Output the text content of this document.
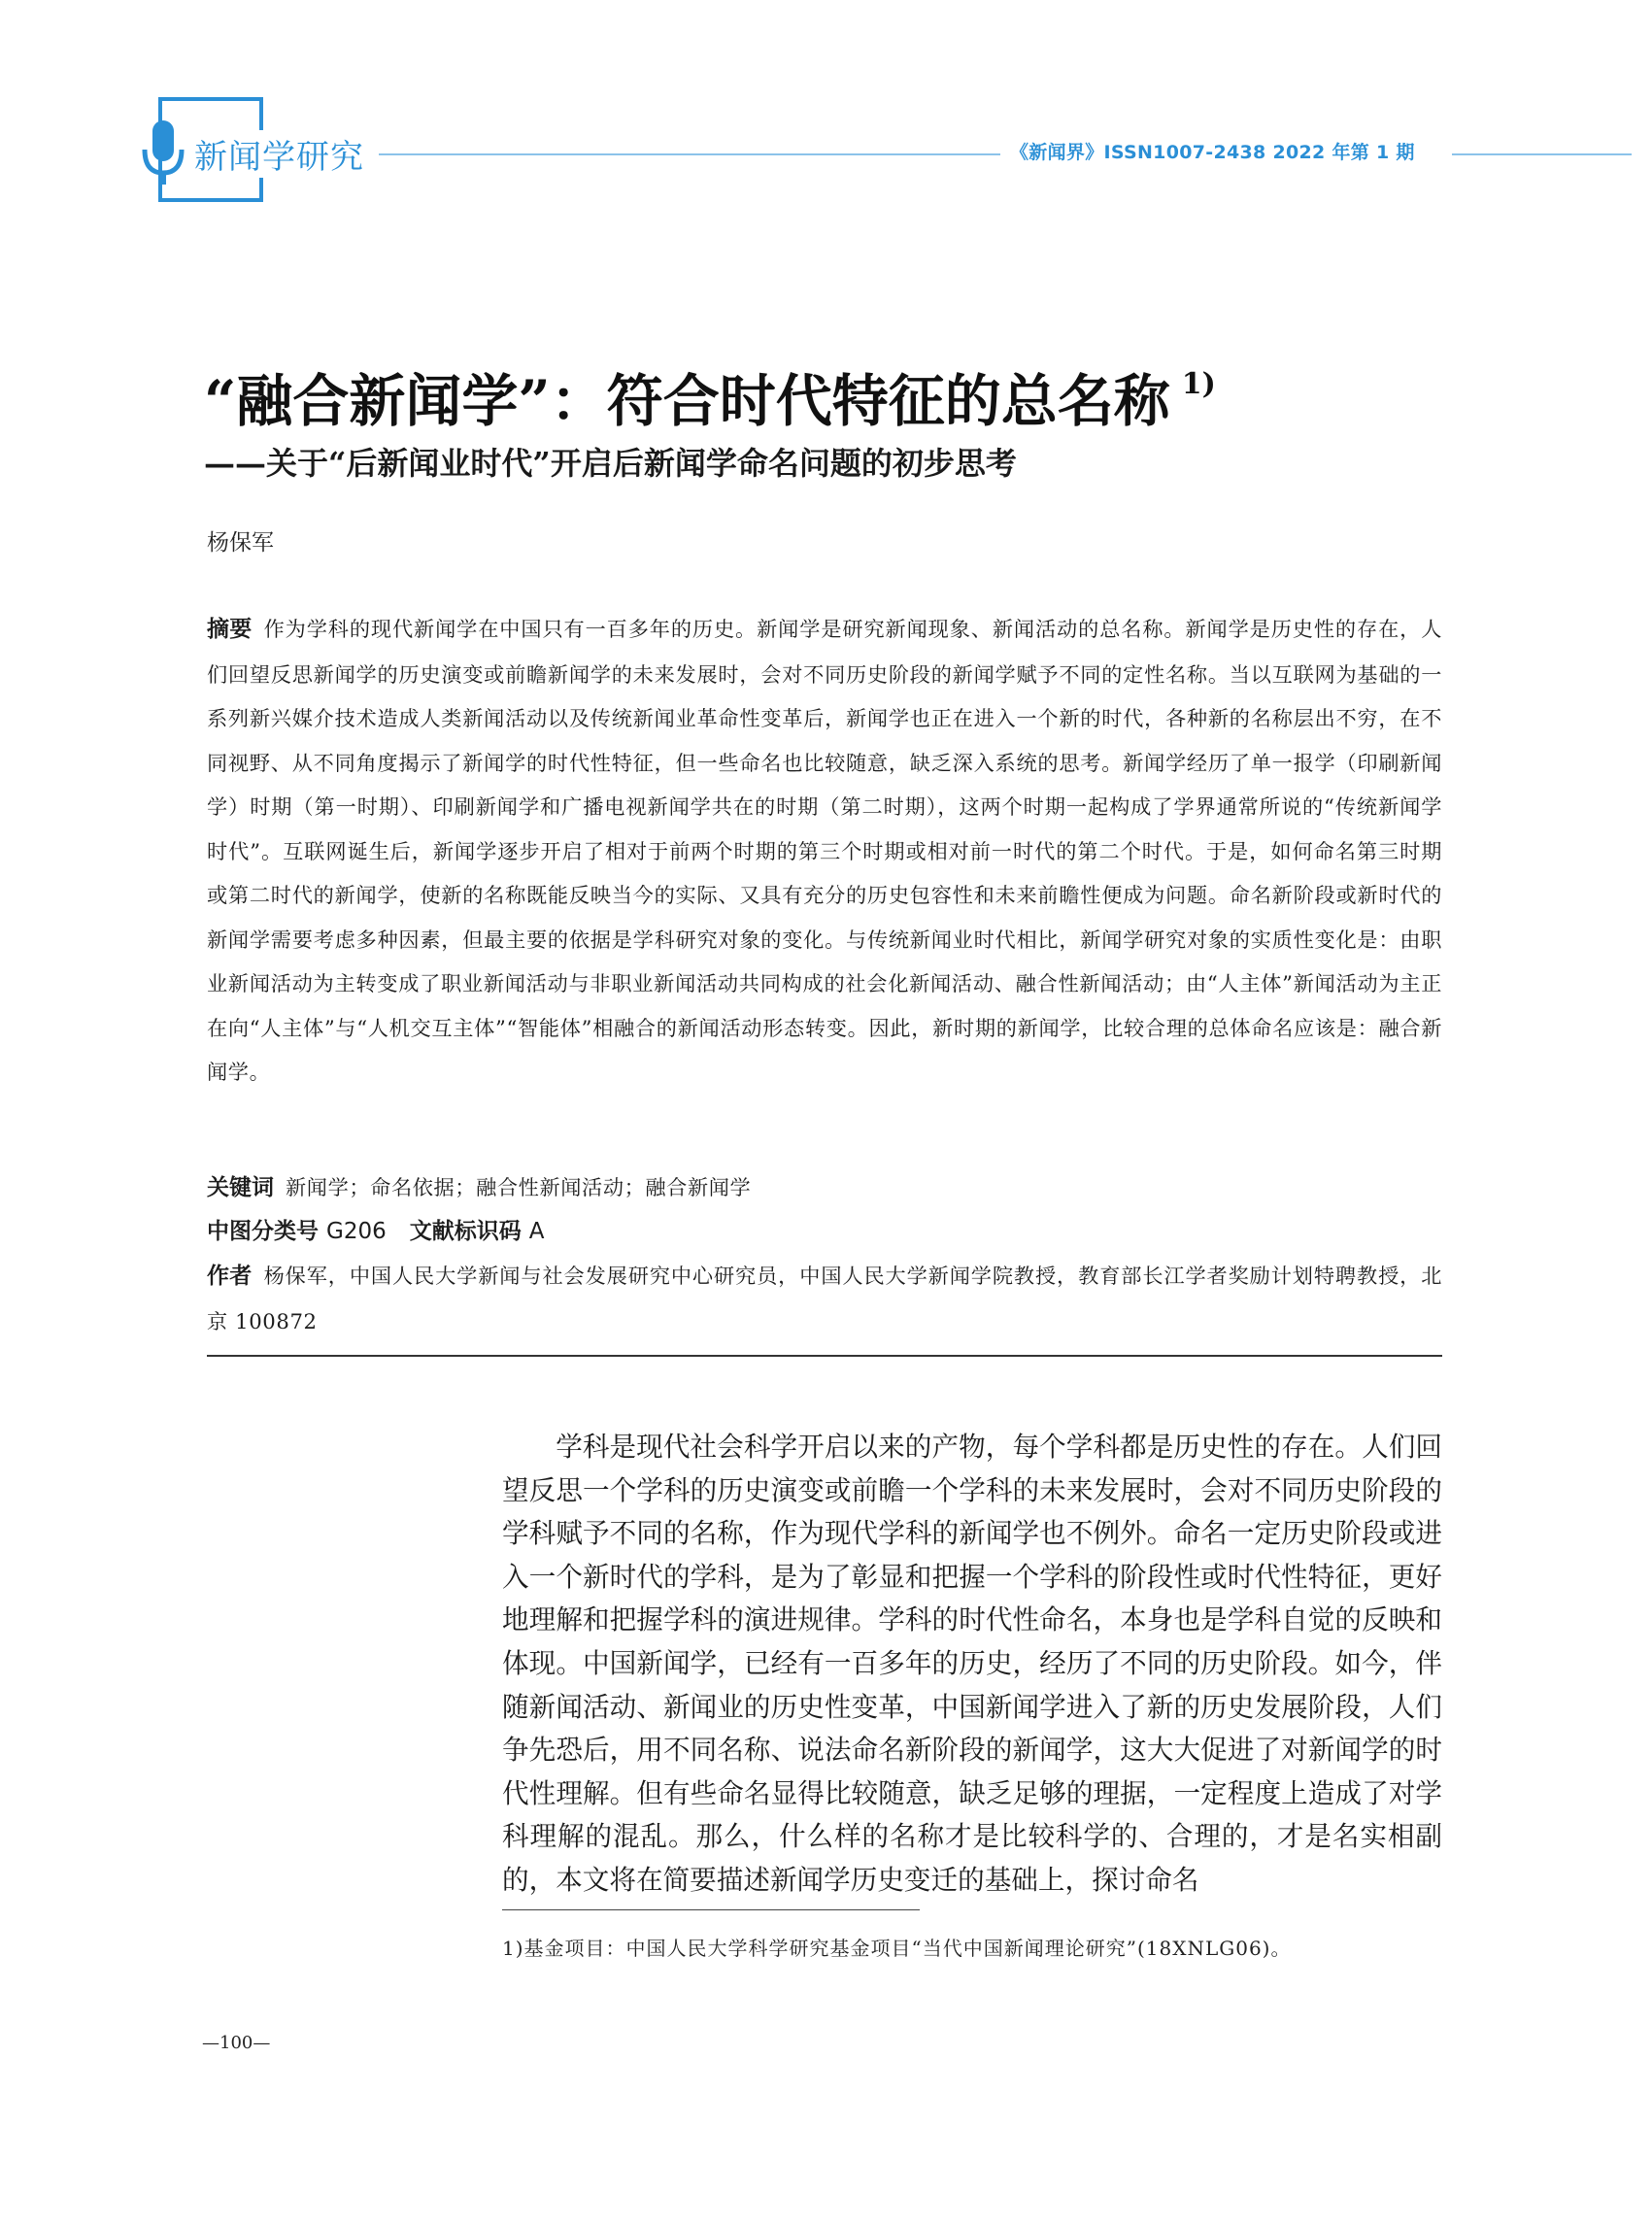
新闻学研究	《新闻界》ISSN1007-2438 2022 年第 1 期
“融合新闻学”：符合时代特征的总名称 $^{1)}$
——关于“后新闻业时代”开启后新闻学命名问题的初步思考
杨保军
摘要 作为学科的现代新闻学在中国只有一百多年的历史。新闻学是研究新闻现象、新闻活动的总名称。新闻学是历史性的存在，人们回望反思新闻学的历史演变或前瞻新闻学的未来发展时，会对不同历史阶段的新闻学赋予不同的定性名称。当以互联网为基础的一系列新兴媒介技术造成人类新闻活动以及传统新闻业革命性变革后，新闻学也正在进入一个新的时代，各种新的名称层出不穷，在不同视野、从不同角度揭示了新闻学的时代性特征，但一些命名也比较随意，缺乏深入系统的思考。新闻学经历了单一报学（印刷新闻学）时期（第一时期）、印刷新闻学和广播电视新闻学共在的时期（第二时期），这两个时期一起构成了学界通常所说的“传统新闻学时代”。互联网诞生后，新闻学逐步开启了相对于前两个时期的第三个时期或相对前一时代的第二个时代。于是，如何命名第三时期或第二时代的新闻学，使新的名称既能反映当今的实际、又具有充分的历史包容性和未来前瞻性便成为问题。命名新阶段或新时代的新闻学需要考虑多种因素，但最主要的依据是学科研究对象的变化。与传统新闻业时代相比，新闻学研究对象的实质性变化是：由职业新闻活动为主转变成了职业新闻活动与非职业新闻活动共同构成的社会化新闻活动、融合性新闻活动；由“人主体”新闻活动为主正在向“人主体”与“人机交互主体”“智能体”相融合的新闻活动形态转变。因此，新时期的新闻学，比较合理的总体命名应该是：融合新闻学。
关键词 新闻学；命名依据；融合性新闻活动；融合新闻学
中图分类号 G206 文献标识码 A
作者 杨保军，中国人民大学新闻与社会发展研究中心研究员，中国人民大学新闻学院教授，教育部长江学者奖励计划特聘教授，北京 100872
学科是现代社会科学开启以来的产物，每个学科都是历史性的存在。人们回望反思一个学科的历史演变或前瞻一个学科的未来发展时，会对不同历史阶段的学科赋予不同的名称，作为现代学科的新闻学也不例外。命名一定历史阶段或进入一个新时代的学科，是为了彰显和把握一个学科的阶段性或时代性特征，更好地理解和把握学科的演进规律。学科的时代性命名，本身也是学科自觉的反映和体现。中国新闻学，已经有一百多年的历史，经历了不同的历史阶段。如今，伴随新闻活动、新闻业的历史性变革，中国新闻学进入了新的历史发展阶段，人们争先恐后，用不同名称、说法命名新阶段的新闻学，这大大促进了对新闻学的时代性理解。但有些命名显得比较随意，缺乏足够的理据，一定程度上造成了对学科理解的混乱。那么，什么样的名称才是比较科学的、合理的，才是名实相副的，本文将在简要描述新闻学历史变迁的基础上，探讨命名
1)基金项目：中国人民大学科学研究基金项目“当代中国新闻理论研究”(18XNLG06)。
—100—
